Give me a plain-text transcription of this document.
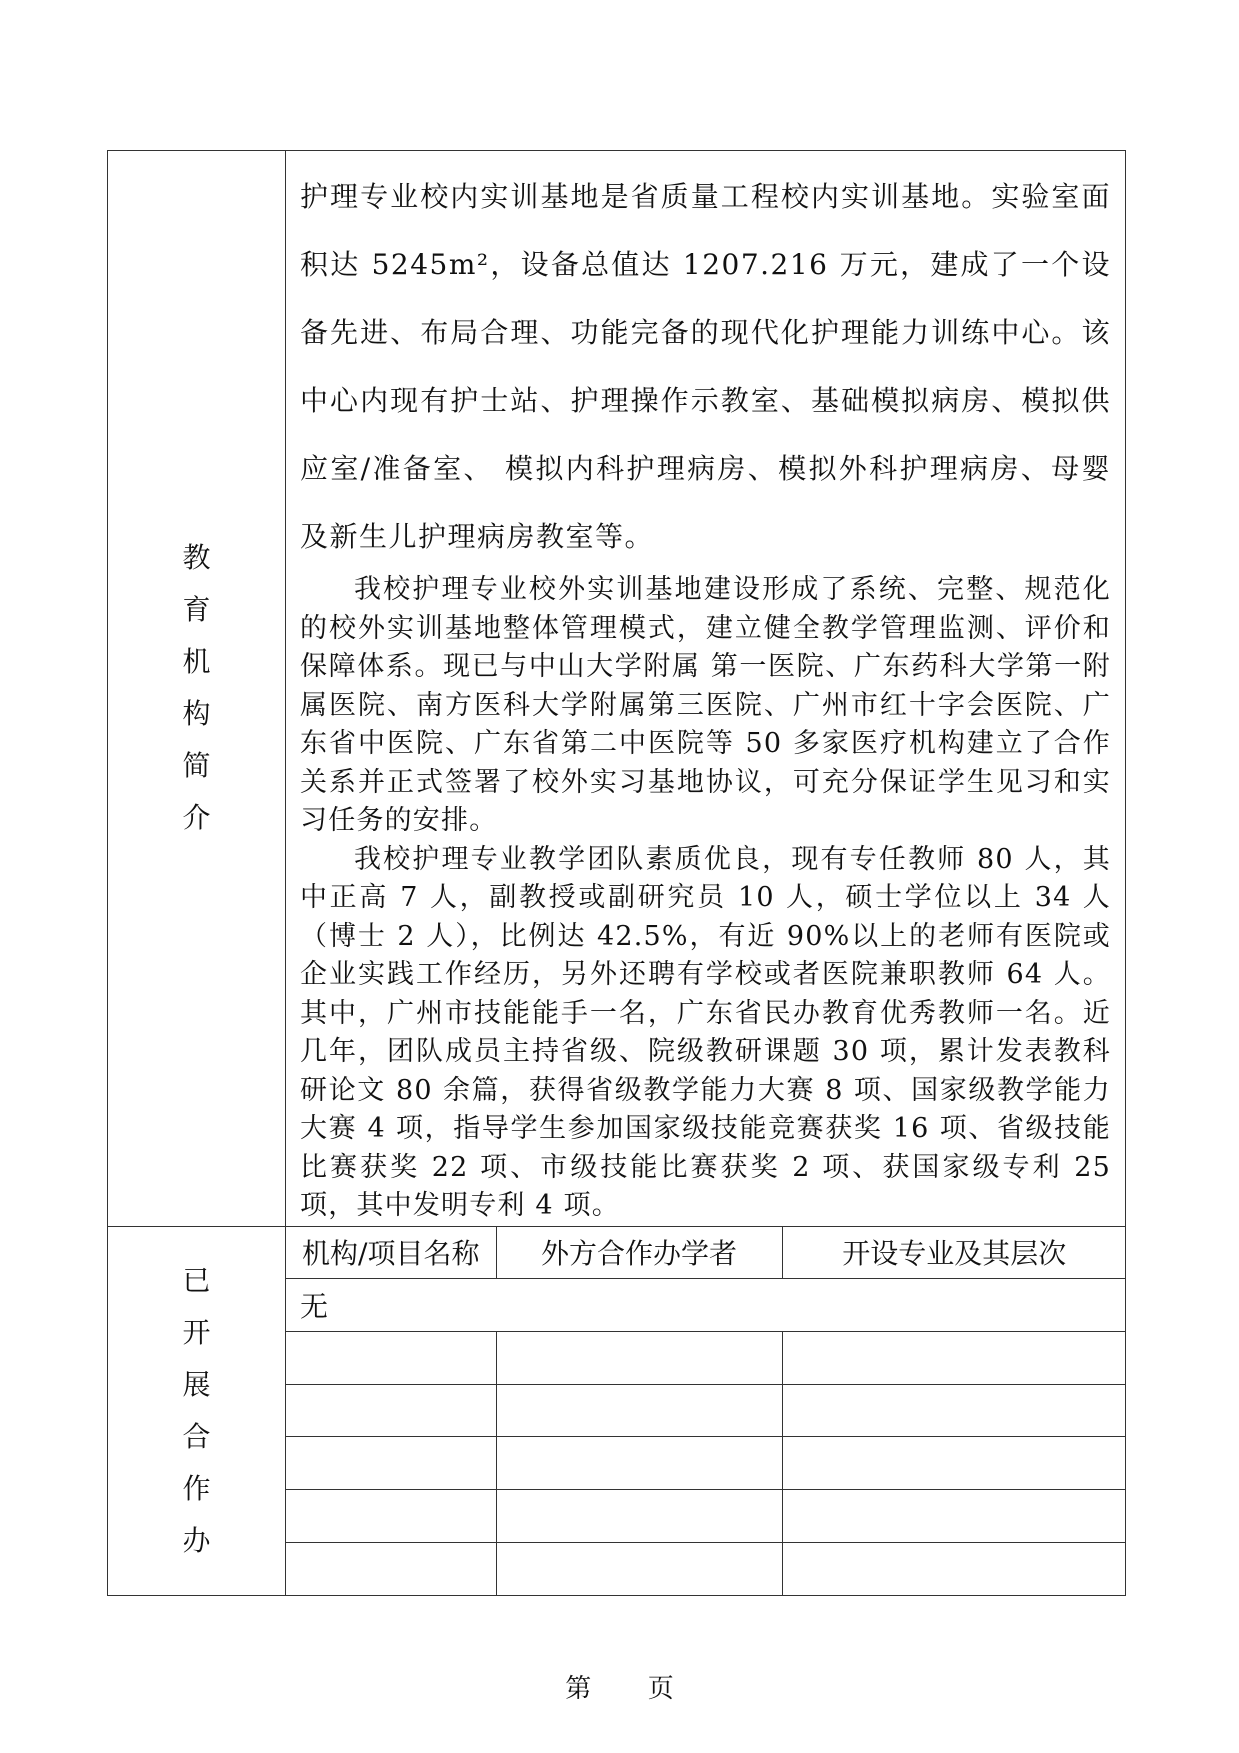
教育机构简介	

护理专业校内实训基地是省质量工程校内实训基地。实验室面积达 5245m²，设备总值达 1207.216 万元，建成了一个设备先进、布局合理、功能完备的现代化护理能力训练中心。该中心内现有护士站、护理操作示教室、基础模拟病房、模拟供应室/准备室、 模拟内科护理病房、模拟外科护理病房、母婴及新生儿护理病房教室等。

我校护理专业校外实训基地建设形成了系统、完整、规范化的校外实训基地整体管理模式，建立健全教学管理监测、评价和保障体系。现已与中山大学附属 第一医院、广东药科大学第一附属医院、南方医科大学附属第三医院、广州市红十字会医院、广东省中医院、广东省第二中医院等 50 多家医疗机构建立了合作关系并正式签署了校外实习基地协议，可充分保证学生见习和实习任务的安排。

我校护理专业教学团队素质优良，现有专任教师 80 人，其中正高 7 人，副教授或副研究员 10 人，硕士学位以上 34 人（博士 2 人），比例达 42.5%，有近 90%以上的老师有医院或企业实践工作经历，另外还聘有学校或者医院兼职教师 64 人。其中，广州市技能能手一名，广东省民办教育优秀教师一名。近几年，团队成员主持省级、院级教研课题 30 项，累计发表教科研论文 80 余篇，获得省级教学能力大赛 8 项、国家级教学能力大赛 4 项，指导学生参加国家级技能竞赛获奖 16 项、省级技能比赛获奖 22 项、市级技能比赛获奖 2 项、获国家级专利 25 项，其中发明专利 4 项。

已开展合作办	
机构/项目名称	外方合作办学者	开设专业及其层次
无

第 页
